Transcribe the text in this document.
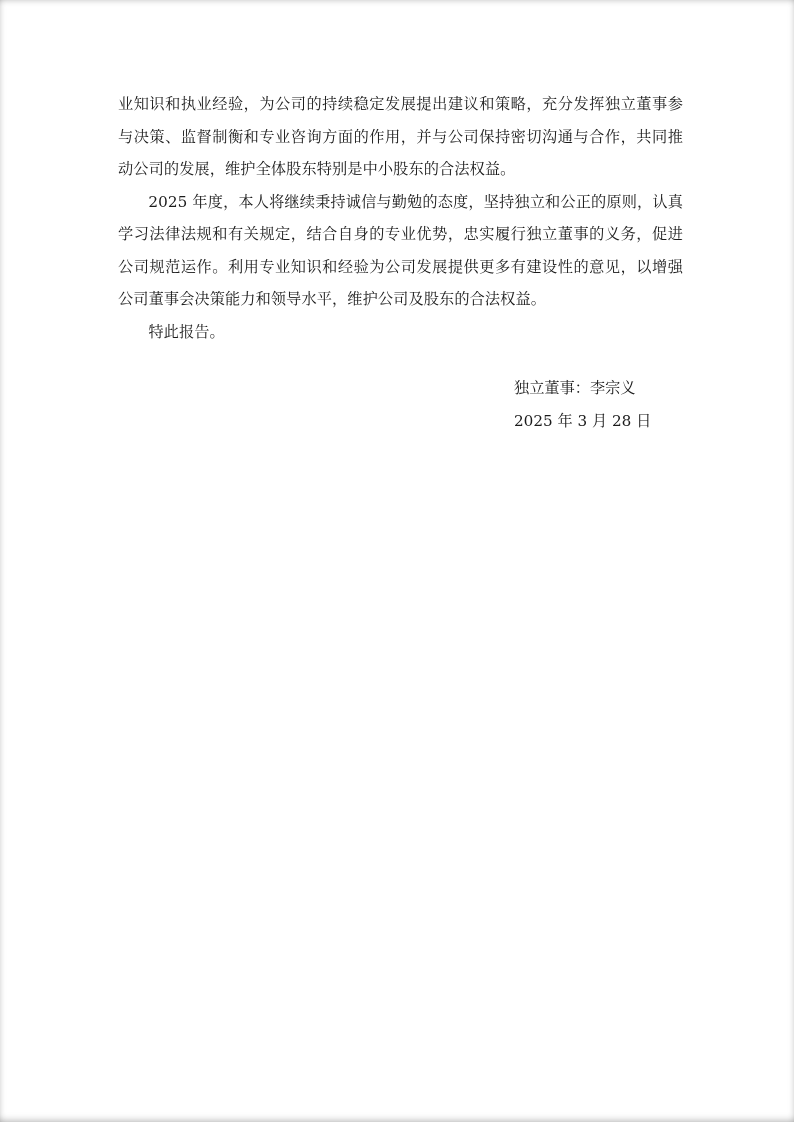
业知识和执业经验，为公司的持续稳定发展提出建议和策略，充分发挥独立董事参与决策、监督制衡和专业咨询方面的作用，并与公司保持密切沟通与合作，共同推动公司的发展，维护全体股东特别是中小股东的合法权益。

2025 年度，本人将继续秉持诚信与勤勉的态度，坚持独立和公正的原则，认真学习法律法规和有关规定，结合自身的专业优势，忠实履行独立董事的义务，促进公司规范运作。利用专业知识和经验为公司发展提供更多有建设性的意见，以增强公司董事会决策能力和领导水平，维护公司及股东的合法权益。

特此报告。

独立董事：李宗义
2025 年 3 月 28 日
